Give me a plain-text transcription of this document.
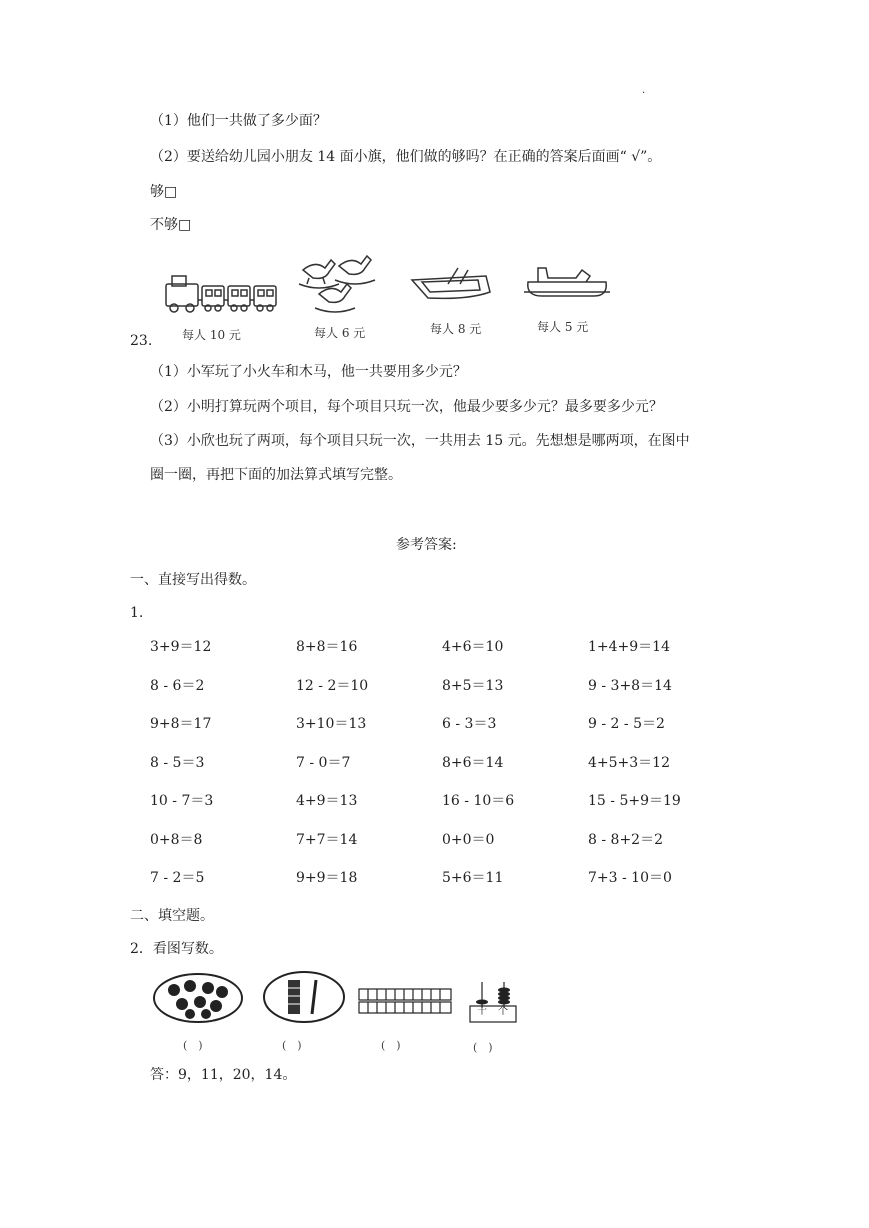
.
（1）他们一共做了多少面？
（2）要送给幼儿园小朋友 14 面小旗，他们做的够吗？在正确的答案后面画“ √”。
够□
不够□
每人 10 元	每人 6 元	每人 8 元	每人 5 元
23.
（1）小军玩了小火车和木马，他一共要用多少元？
（2）小明打算玩两个项目，每个项目只玩一次，他最少要多少元？最多要多少元？
（3）小欣也玩了两项，每个项目只玩一次，一共用去 15 元。先想想是哪两项，在图中
圈一圈，再把下面的加法算式填写完整。
参考答案:
一、直接写出得数。
1.
3+9＝12	8+8＝16	4+6＝10	1+4+9＝14
8 - 6＝2	12 - 2＝10	8+5＝13	9 - 3+8＝14
9+8＝17	3+10＝13	6 - 3＝3	9 - 2 - 5＝2
8 - 5＝3	7 - 0＝7	8+6＝14	4+5+3＝12
10 - 7＝3	4+9＝13	16 - 10＝6	15 - 5+9＝19
0+8＝8	7+7＝14	0+0＝0	8 - 8+2＝2
7 - 2＝5	9+9＝18	5+6＝11	7+3 - 10＝0
二、填空题。
2．看图写数。
十 个
(　)	(　)	(　)	(　)
答：9，11，20，14。
